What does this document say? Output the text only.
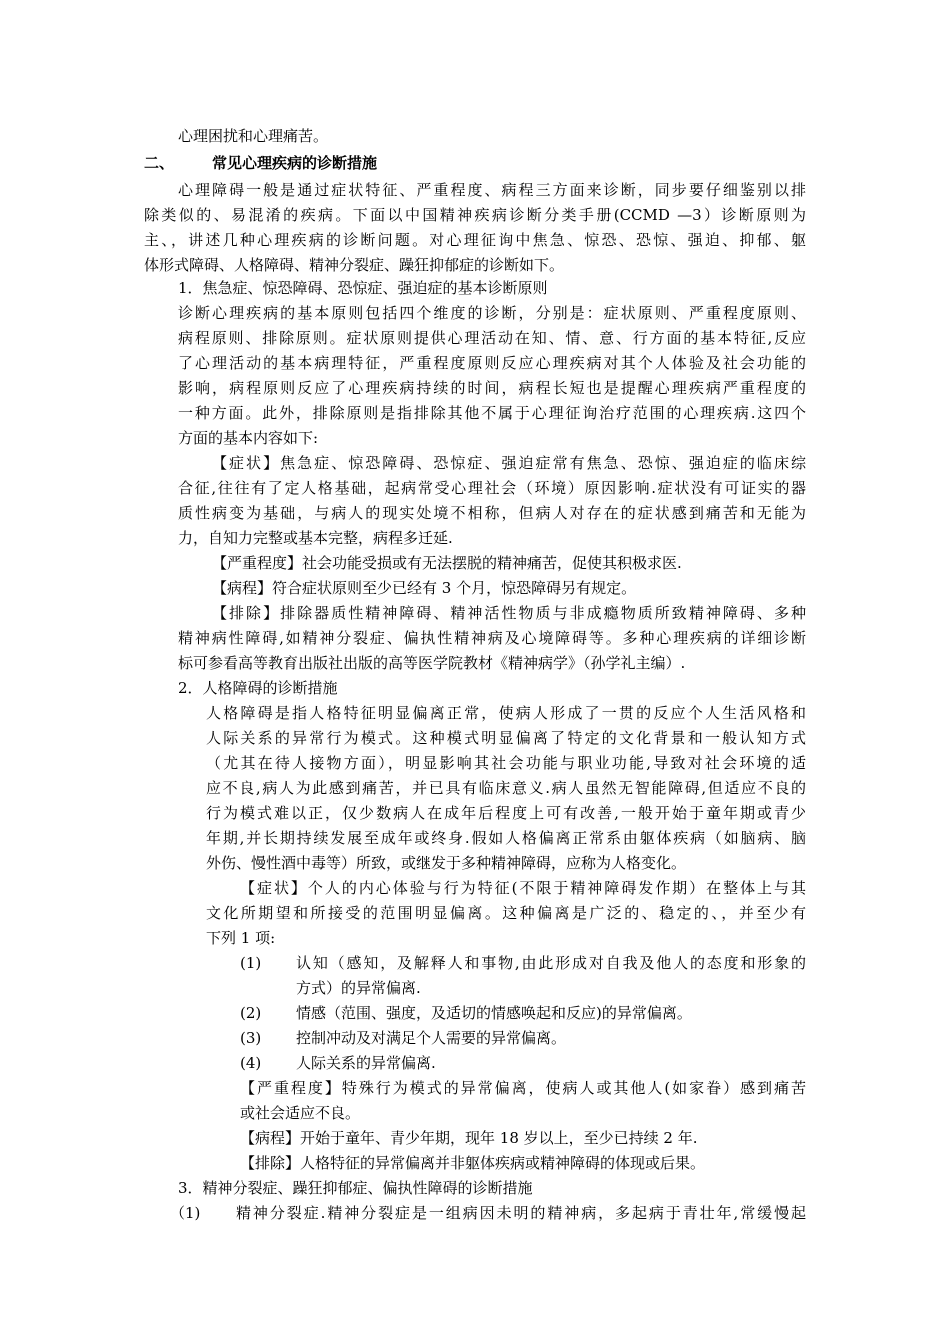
心理困扰和心理痛苦。
二、	常见心理疾病的诊断措施
心理障碍一般是通过症状特征、严重程度、病程三方面来诊断，同步要仔细鉴别以排
除类似的、易混淆的疾病。下面以中国精神疾病诊断分类手册(CCMD —3）诊断原则为
主、，讲述几种心理疾病的诊断问题。对心理征询中焦急、惊恐、恐惊、强迫、抑郁、躯
体形式障碍、人格障碍、精神分裂症、躁狂抑郁症的诊断如下。
1．焦急症、惊恐障碍、恐惊症、强迫症的基本诊断原则
诊断心理疾病的基本原则包括四个维度的诊断，分别是：症状原则、严重程度原则、
病程原则、排除原则。症状原则提供心理活动在知、情、意、行方面的基本特征,反应
了心理活动的基本病理特征，严重程度原则反应心理疾病对其个人体验及社会功能的
影响，病程原则反应了心理疾病持续的时间，病程长短也是提醒心理疾病严重程度的
一种方面。此外，排除原则是指排除其他不属于心理征询治疗范围的心理疾病.这四个
方面的基本内容如下:
【症状】焦急症、惊恐障碍、恐惊症、强迫症常有焦急、恐惊、强迫症的临床综
合征,往往有了定人格基础，起病常受心理社会（环境）原因影响.症状没有可证实的器
质性病变为基础，与病人的现实处境不相称，但病人对存在的症状感到痛苦和无能为
力，自知力完整或基本完整，病程多迁延.
【严重程度】社会功能受损或有无法摆脱的精神痛苦，促使其积极求医.
【病程】符合症状原则至少已经有 3 个月，惊恐障碍另有规定。
【排除】排除器质性精神障碍、精神活性物质与非成瘾物质所致精神障碍、多种
精神病性障碍,如精神分裂症、偏执性精神病及心境障碍等。多种心理疾病的详细诊断
标可参看高等教育出版社出版的高等医学院教材《精神病学》（孙学礼主编）.
2．人格障碍的诊断措施
人格障碍是指人格特征明显偏离正常，使病人形成了一贯的反应个人生活风格和
人际关系的异常行为模式。这种模式明显偏离了特定的文化背景和一般认知方式
（尤其在待人接物方面），明显影响其社会功能与职业功能,导致对社会环境的适
应不良,病人为此感到痛苦，并已具有临床意义.病人虽然无智能障碍,但适应不良的
行为模式难以正，仅少数病人在成年后程度上可有改善,一般开始于童年期或青少
年期,并长期持续发展至成年或终身.假如人格偏离正常系由躯体疾病（如脑病、脑
外伤、慢性酒中毒等）所致，或继发于多种精神障碍，应称为人格变化。
【症状】个人的内心体验与行为特征(不限于精神障碍发作期）在整体上与其
文化所期望和所接受的范围明显偏离。这种偏离是广泛的、稳定的、，并至少有
下列 1 项:
(1) 认知（感知，及解释人和事物,由此形成对自我及他人的态度和形象的
方式）的异常偏离.
(2) 情感（范围、强度，及适切的情感唤起和反应)的异常偏离。
(3) 控制冲动及对满足个人需要的异常偏离。
(4) 人际关系的异常偏离.
【严重程度】特殊行为模式的异常偏离，使病人或其他人(如家眷）感到痛苦
或社会适应不良。
【病程】开始于童年、青少年期，现年 18 岁以上，至少已持续 2 年.
【排除】人格特征的异常偏离并非躯体疾病或精神障碍的体现或后果。
3．精神分裂症、躁狂抑郁症、偏执性障碍的诊断措施
（1) 精神分裂症.精神分裂症是一组病因未明的精神病，多起病于青壮年,常缓慢起
